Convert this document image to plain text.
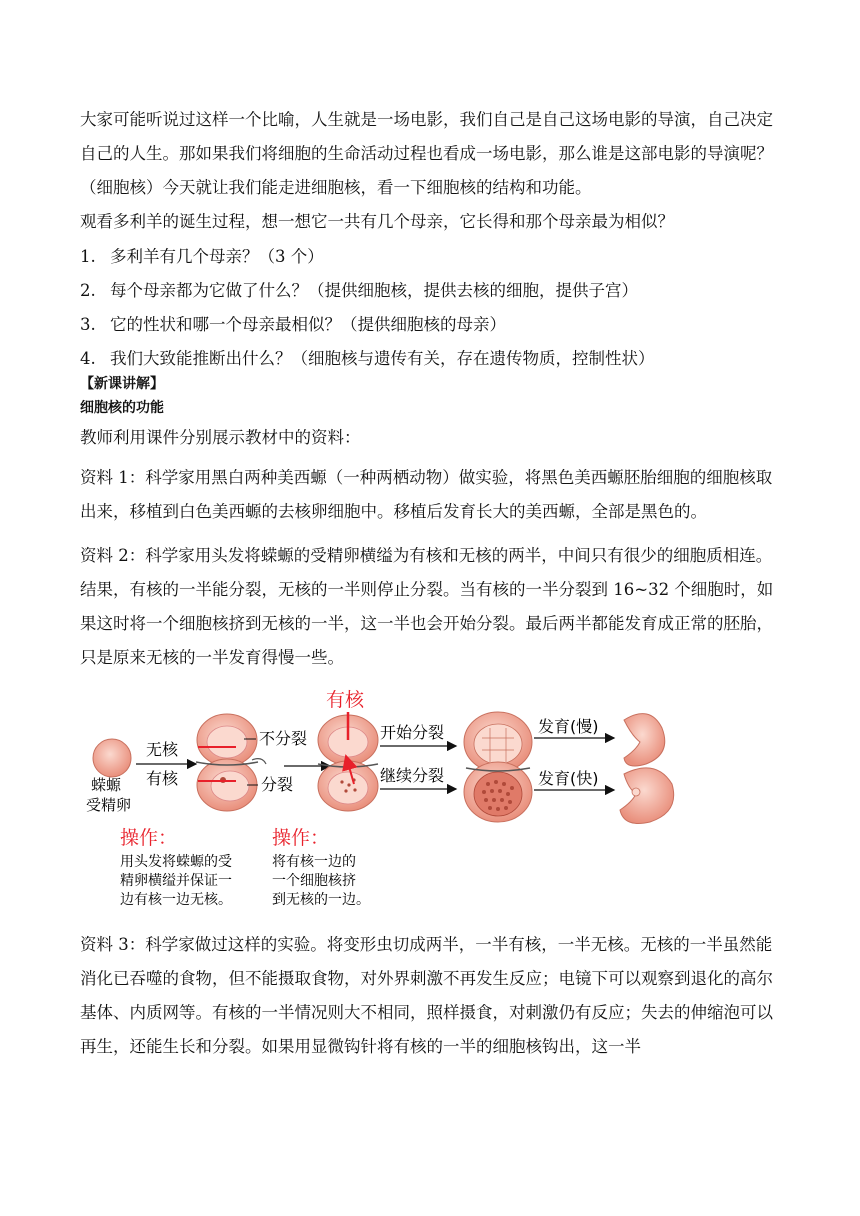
大家可能听说过这样一个比喻，人生就是一场电影，我们自己是自己这场电影的导演，自己决定自己的人生。那如果我们将细胞的生命活动过程也看成一场电影，那么谁是这部电影的导演呢？（细胞核）今天就让我们能走进细胞核，看一下细胞核的结构和功能。

观看多利羊的诞生过程，想一想它一共有几个母亲，它长得和那个母亲最为相似？

1. 多利羊有几个母亲？（3 个）

2. 每个母亲都为它做了什么？（提供细胞核，提供去核的细胞，提供子宫）

3. 它的性状和哪一个母亲最相似？（提供细胞核的母亲）

4. 我们大致能推断出什么？（细胞核与遗传有关，存在遗传物质，控制性状）

【新课讲解】

细胞核的功能

教师利用课件分别展示教材中的资料：

资料 1：科学家用黑白两种美西螈（一种两栖动物）做实验，将黑色美西螈胚胎细胞的细胞核取出来，移植到白色美西螈的去核卵细胞中。移植后发育长大的美西螈，全部是黑色的。

资料 2：科学家用头发将蝾螈的受精卵横缢为有核和无核的两半，中间只有很少的细胞质相连。结果，有核的一半能分裂，无核的一半则停止分裂。当有核的一半分裂到 16~32 个细胞时，如果这时将一个细胞核挤到无核的一半，这一半也会开始分裂。最后两半都能发育成正常的胚胎，只是原来无核的一半发育得慢一些。

蝾螈
受精卵
无核
有核
不分裂
分裂
有核
开始分裂
继续分裂
发育(慢)
发育(快)
操作：
用头发将蝾螈的受
精卵横缢并保证一
边有核一边无核。
操作：
将有核一边的
一个细胞核挤
到无核的一边。

资料 3：科学家做过这样的实验。将变形虫切成两半，一半有核，一半无核。无核的一半虽然能消化已吞噬的食物，但不能摄取食物，对外界刺激不再发生反应；电镜下可以观察到退化的高尔基体、内质网等。有核的一半情况则大不相同，照样摄食，对刺激仍有反应；失去的伸缩泡可以再生，还能生长和分裂。如果用显微钩针将有核的一半的细胞核钩出，这一半
